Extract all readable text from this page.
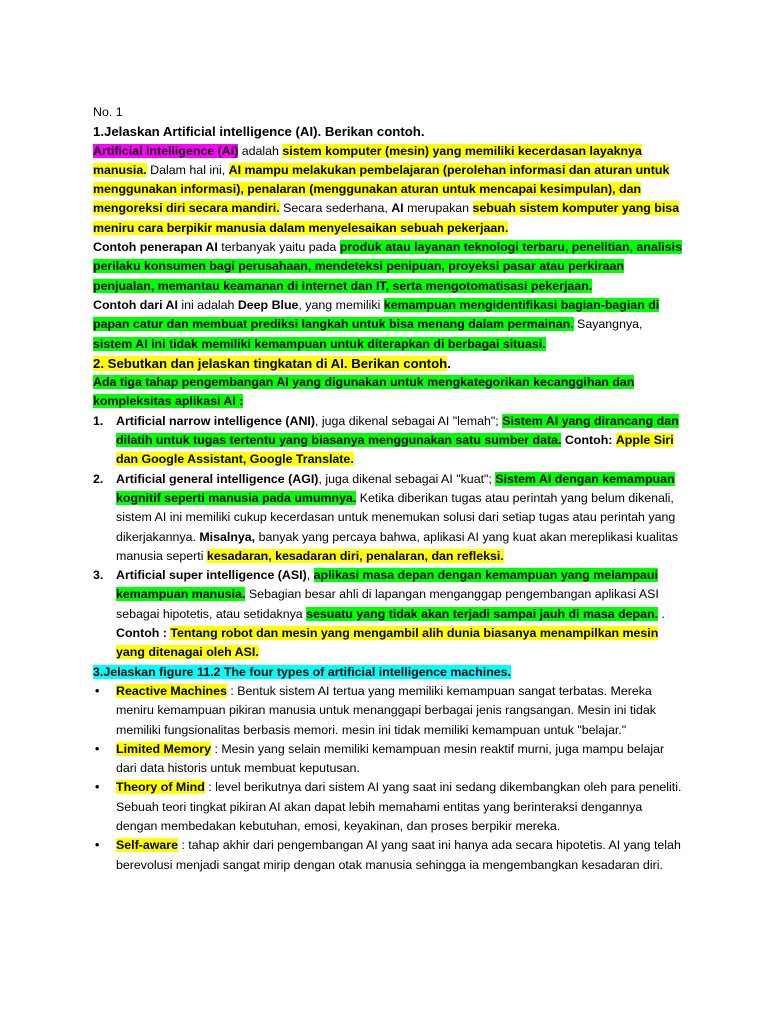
No. 1

1.Jelaskan Artificial intelligence (AI). Berikan contoh.

Artificial intelligence (AI) adalah sistem komputer (mesin) yang memiliki kecerdasan layaknya manusia. Dalam hal ini, AI mampu melakukan pembelajaran (perolehan informasi dan aturan untuk menggunakan informasi), penalaran (menggunakan aturan untuk mencapai kesimpulan), dan mengoreksi diri secara mandiri. Secara sederhana, AI merupakan sebuah sistem komputer yang bisa meniru cara berpikir manusia dalam menyelesaikan sebuah pekerjaan.

Contoh penerapan AI terbanyak yaitu pada produk atau layanan teknologi terbaru, penelitian, analisis perilaku konsumen bagi perusahaan, mendeteksi penipuan, proyeksi pasar atau perkiraan penjualan, memantau keamanan di internet dan IT, serta mengotomatisasi pekerjaan.

Contoh dari AI ini adalah Deep Blue, yang memiliki kemampuan mengidentifikasi bagian-bagian di papan catur dan membuat prediksi langkah untuk bisa menang dalam permainan. Sayangnya, sistem AI ini tidak memiliki kemampuan untuk diterapkan di berbagai situasi.

2. Sebutkan dan jelaskan tingkatan di AI. Berikan contoh.

Ada tiga tahap pengembangan AI yang digunakan untuk mengkategorikan kecanggihan dan kompleksitas aplikasi AI :

1. Artificial narrow intelligence (ANI), juga dikenal sebagai AI "lemah"; Sistem AI yang dirancang dan dilatih untuk tugas tertentu yang biasanya menggunakan satu sumber data. Contoh: Apple Siri dan Google Assistant, Google Translate.
2. Artificial general intelligence (AGI), juga dikenal sebagai AI "kuat"; Sistem AI dengan kemampuan kognitif seperti manusia pada umumnya. Ketika diberikan tugas atau perintah yang belum dikenali, sistem AI ini memiliki cukup kecerdasan untuk menemukan solusi dari setiap tugas atau perintah yang dikerjakannya. Misalnya, banyak yang percaya bahwa, aplikasi AI yang kuat akan mereplikasi kualitas manusia seperti kesadaran, kesadaran diri, penalaran, dan refleksi.
3. Artificial super intelligence (ASI), aplikasi masa depan dengan kemampuan yang melampaui kemampuan manusia. Sebagian besar ahli di lapangan menganggap pengembangan aplikasi ASI sebagai hipotetis, atau setidaknya sesuatu yang tidak akan terjadi sampai jauh di masa depan. . Contoh : Tentang robot dan mesin yang mengambil alih dunia biasanya menampilkan mesin yang ditenagai oleh ASI.

3.Jelaskan figure 11.2 The four types of artificial intelligence machines.

• Reactive Machines : Bentuk sistem AI tertua yang memiliki kemampuan sangat terbatas. Mereka meniru kemampuan pikiran manusia untuk menanggapi berbagai jenis rangsangan. Mesin ini tidak memiliki fungsionalitas berbasis memori. mesin ini tidak memiliki kemampuan untuk "belajar."
• Limited Memory : Mesin yang selain memiliki kemampuan mesin reaktif murni, juga mampu belajar dari data historis untuk membuat keputusan.
• Theory of Mind : level berikutnya dari sistem AI yang saat ini sedang dikembangkan oleh para peneliti. Sebuah teori tingkat pikiran AI akan dapat lebih memahami entitas yang berinteraksi dengannya dengan membedakan kebutuhan, emosi, keyakinan, dan proses berpikir mereka.
• Self-aware : tahap akhir dari pengembangan AI yang saat ini hanya ada secara hipotetis. AI yang telah berevolusi menjadi sangat mirip dengan otak manusia sehingga ia mengembangkan kesadaran diri.
